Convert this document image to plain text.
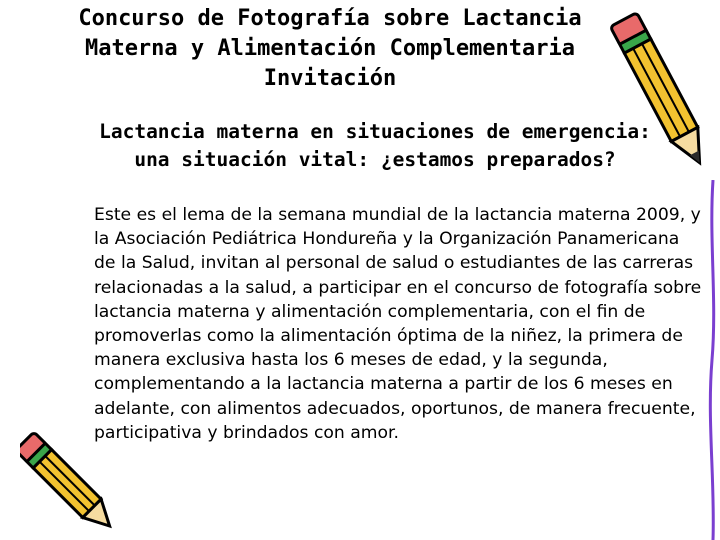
Concurso de Fotografía sobre Lactancia
Materna y Alimentación Complementaria
Invitación
Lactancia materna en situaciones de emergencia:
una situación vital: ¿estamos preparados?

Este es el lema de la semana mundial de la lactancia materna 2009, y la Asociación Pediátrica Hondureña y la Organización Panamericana de la Salud, invitan al personal de salud o estudiantes de las carreras relacionadas a la salud, a participar en el concurso de fotografía sobre lactancia materna y alimentación complementaria, con el fin de promoverlas como la alimentación óptima de la niñez, la primera de manera exclusiva hasta los 6 meses de edad, y la segunda, complementando a la lactancia materna a partir de los 6 meses en adelante, con alimentos adecuados, oportunos, de manera frecuente, participativa y brindados con amor.
